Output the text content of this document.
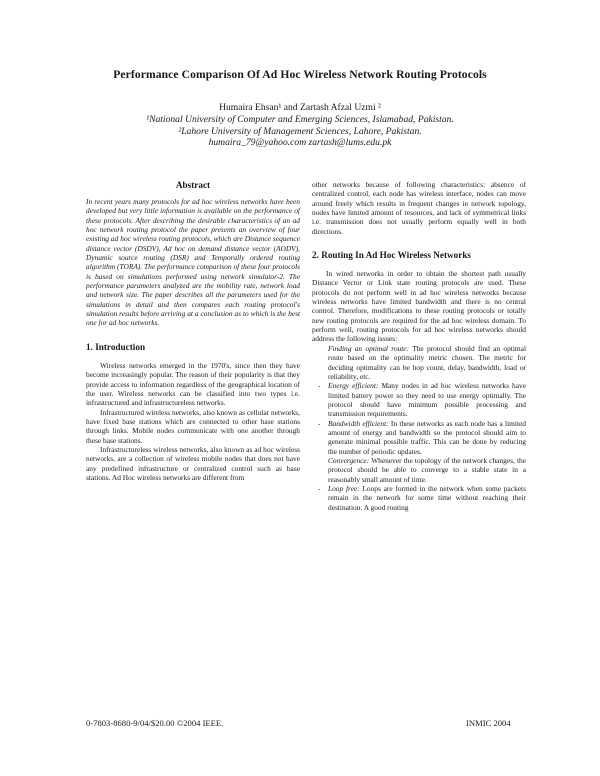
Performance Comparison Of Ad Hoc Wireless Network Routing Protocols
Humaira Ehsan¹ and Zartash Afzal Uzmi ²
¹National University of Computer and Emerging Sciences, Islamabad, Pakistan.
²Lahore University of Management Sciences, Lahore, Pakistan.
humaira_79@yahoo.com zartash@lums.edu.pk
Abstract

In recent years many protocols for ad hoc wireless networks have been developed but very little information is available on the performance of these protocols. After describing the desirable characteristics of an ad hoc network routing protocol the paper presents an overview of four existing ad hoc wireless routing protocols, which are Distance sequence distance vector (DSDV), Ad hoc on demand distance vector (AODV), Dynamic source routing (DSR) and Temporally ordered routing algorithm (TORA). The performance comparison of these four protocols is based on simulations performed using network simulator-2. The performance parameters analyzed are the mobility rate, network load and network size. The paper describes all the parameters used for the simulations in detail and then compares each routing protocol's simulation results before arriving at a conclusion as to which is the best one for ad hoc networks.

1. Introduction

Wireless networks emerged in the 1970's, since then they have become increasingly popular. The reason of their popularity is that they provide access to information regardless of the geographical location of the user. Wireless networks can be classified into two types i.e. infrastructured and infrastructureless networks.

Infrastructured wireless networks, also known as cellular networks, have fixed base stations which are connected to other base stations through links. Mobile nodes communicate with one another through these base stations.

Infrastructureless wireless networks, also known as ad hoc wireless networks, are a collection of wireless mobile nodes that does not have any predefined infrastructure or centralized control such as base stations. Ad Hoc wireless networks are different from

other networks because of following characteristics: absence of centralized control, each node has wireless interface, nodes can move around freely which results in frequent changes in network topology, nodes have limited amount of resources, and lack of symmetrical links i.e. transmission does not usually perform equally well in both directions.

2. Routing In Ad Hoc Wireless Networks

In wired networks in order to obtain the shortest path usually Distance Vector or Link state routing protocols are used. These protocols do not perform well in ad hoc wireless networks because wireless networks have limited bandwidth and there is no central control. Therefore, modifications to these routing protocols or totally new routing protocols are required for the ad hoc wireless domain. To perform well, routing protocols for ad hoc wireless networks should address the following issues:

Finding an optimal route: The protocol should find an optimal route based on the optimality metric chosen. The metric for deciding optimality can be hop count, delay, bandwidth, load or reliability, etc.
- Energy efficient: Many nodes in ad hoc wireless networks have limited battery power so they need to use energy optimally. The protocol should have minimum possible processing and transmission requirements.
- Bandwidth efficient: In these networks as each node has a limited amount of energy and bandwidth so the protocol should aim to generate minimal possible traffic. This can be done by reducing the number of periodic updates.
Convergence: Whenever the topology of the network changes, the protocol should be able to converge to a stable state in a reasonably small amount of time.
- Loop free: Loops are formed in the network when some packets remain in the network for some time without reaching their destination. A good routing
0-7803-8680-9/04/$20.00 ©2004 IEEE.	INMIC 2004
